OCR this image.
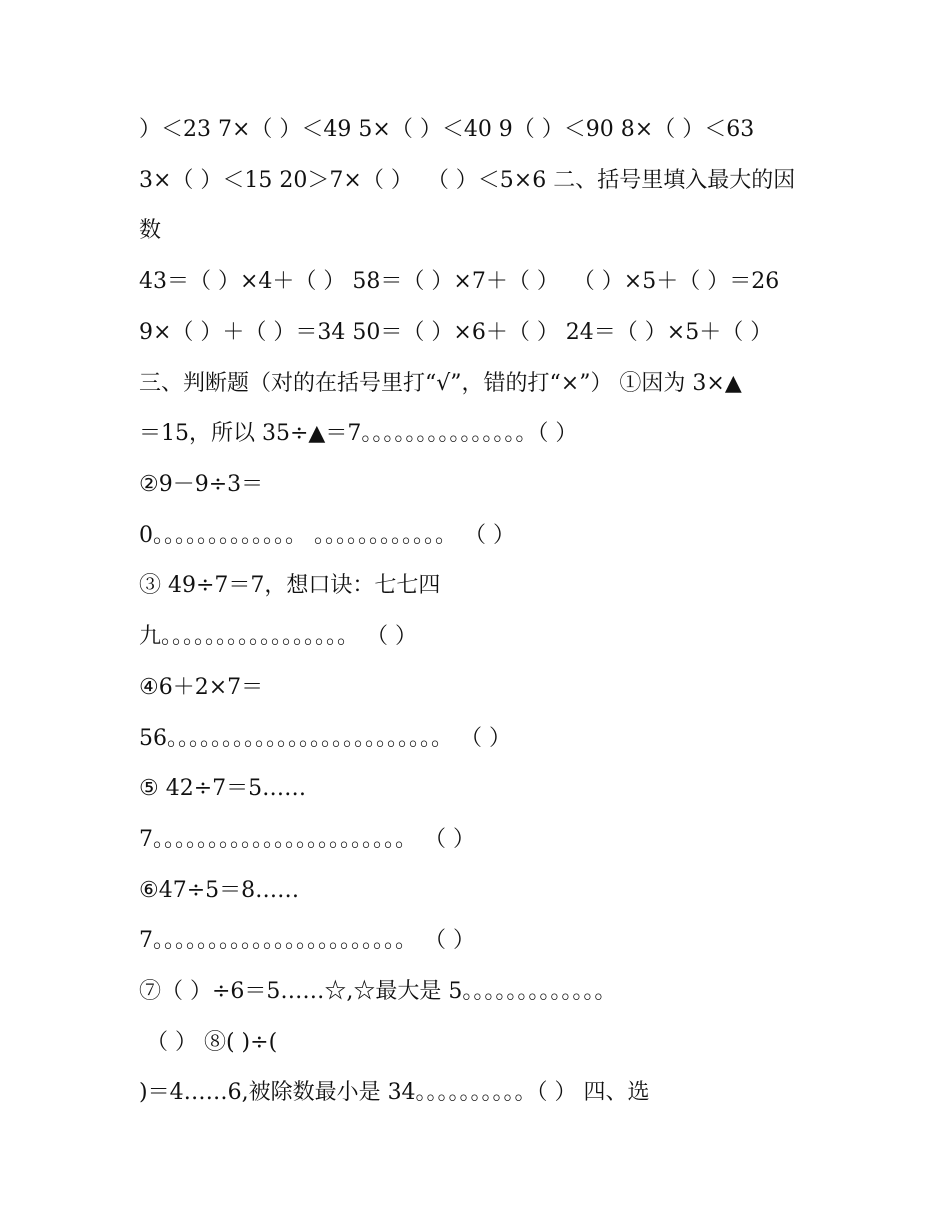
）＜23 7×（ ）＜49 5×（ ）＜40 9（ ）＜90 8×（ ）＜63
3×（ ）＜15 20＞7×（ ）  （ ）＜5×6 二、括号里填入最大的因
数
43＝（ ）×4＋（ ） 58＝（ ）×7＋（ ）  （ ）×5＋（ ）＝26
9×（ ）＋（ ）＝34 50＝（ ）×6＋（ ） 24＝（ ）×5＋（ ）
三、判断题（对的在括号里打“√”，错的打“×”） ①因为 3×▲
＝15，所以 35÷▲＝7。。。。。。。。。。。。。。。（ ）
②9－9÷3＝
0。。。。。。。。。。。。。 。。。。。。。。。。。。 （ ）
③ 49÷7＝7，想口诀：七七四
九。。。。。。。。。。。。。。。。。 （ ）
④6＋2×7＝
56。。。。。。。。。。。。。。。。。。。。。。。。。 （ ）
⑤ 42÷7＝5……
7。。。。。。。。。。。。。。。。。。。。。。。 （ ）
⑥47÷5＝8……
7。。。。。。。。。。。。。。。。。。。。。。。 （ ）
⑦（ ）÷6＝5……☆,☆最大是 5。。。。。。。。。。。。。
（ ） ⑧( )÷(
)＝4……6,被除数最小是 34。。。。。。。。。。（ ） 四、选
